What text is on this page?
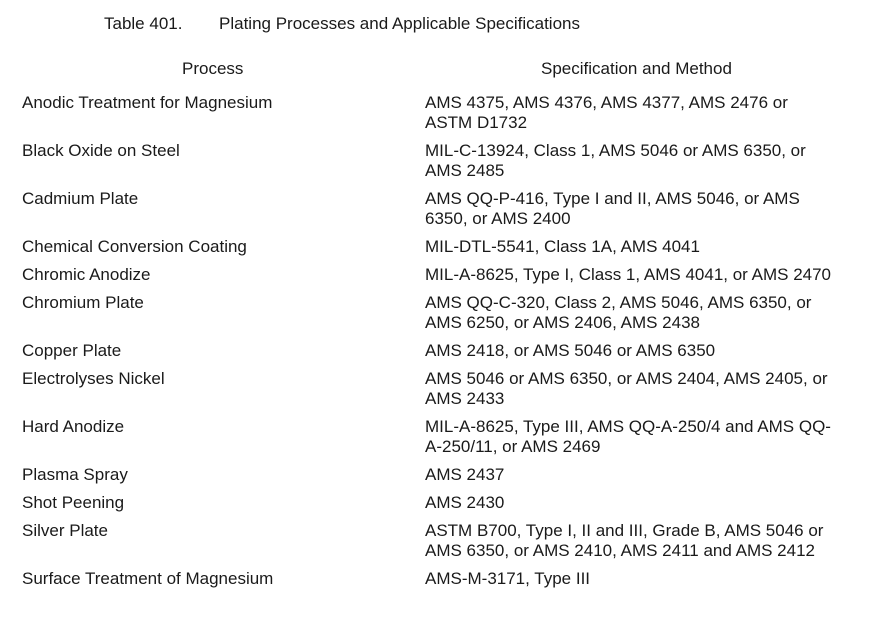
Table 401. Plating Processes and Applicable Specifications
Process	Specification and Method
Anodic Treatment for Magnesium	AMS 4375, AMS 4376, AMS 4377, AMS 2476 or
ASTM D1732
Black Oxide on Steel	MIL-C-13924, Class 1, AMS 5046 or AMS 6350, or
AMS 2485
Cadmium Plate	AMS QQ-P-416, Type I and II, AMS 5046, or AMS
6350, or AMS 2400
Chemical Conversion Coating	MIL-DTL-5541, Class 1A, AMS 4041
Chromic Anodize	MIL-A-8625, Type I, Class 1, AMS 4041, or AMS 2470
Chromium Plate	AMS QQ-C-320, Class 2, AMS 5046, AMS 6350, or
AMS 6250, or AMS 2406, AMS 2438
Copper Plate	AMS 2418, or AMS 5046 or AMS 6350
Electrolyses Nickel	AMS 5046 or AMS 6350, or AMS 2404, AMS 2405, or
AMS 2433
Hard Anodize	MIL-A-8625, Type III, AMS QQ-A-250/4 and AMS QQ-
A-250/11, or AMS 2469
Plasma Spray	AMS 2437
Shot Peening	AMS 2430
Silver Plate	ASTM B700, Type I, II and III, Grade B, AMS 5046 or
AMS 6350, or AMS 2410, AMS 2411 and AMS 2412
Surface Treatment of Magnesium	AMS-M-3171, Type III
